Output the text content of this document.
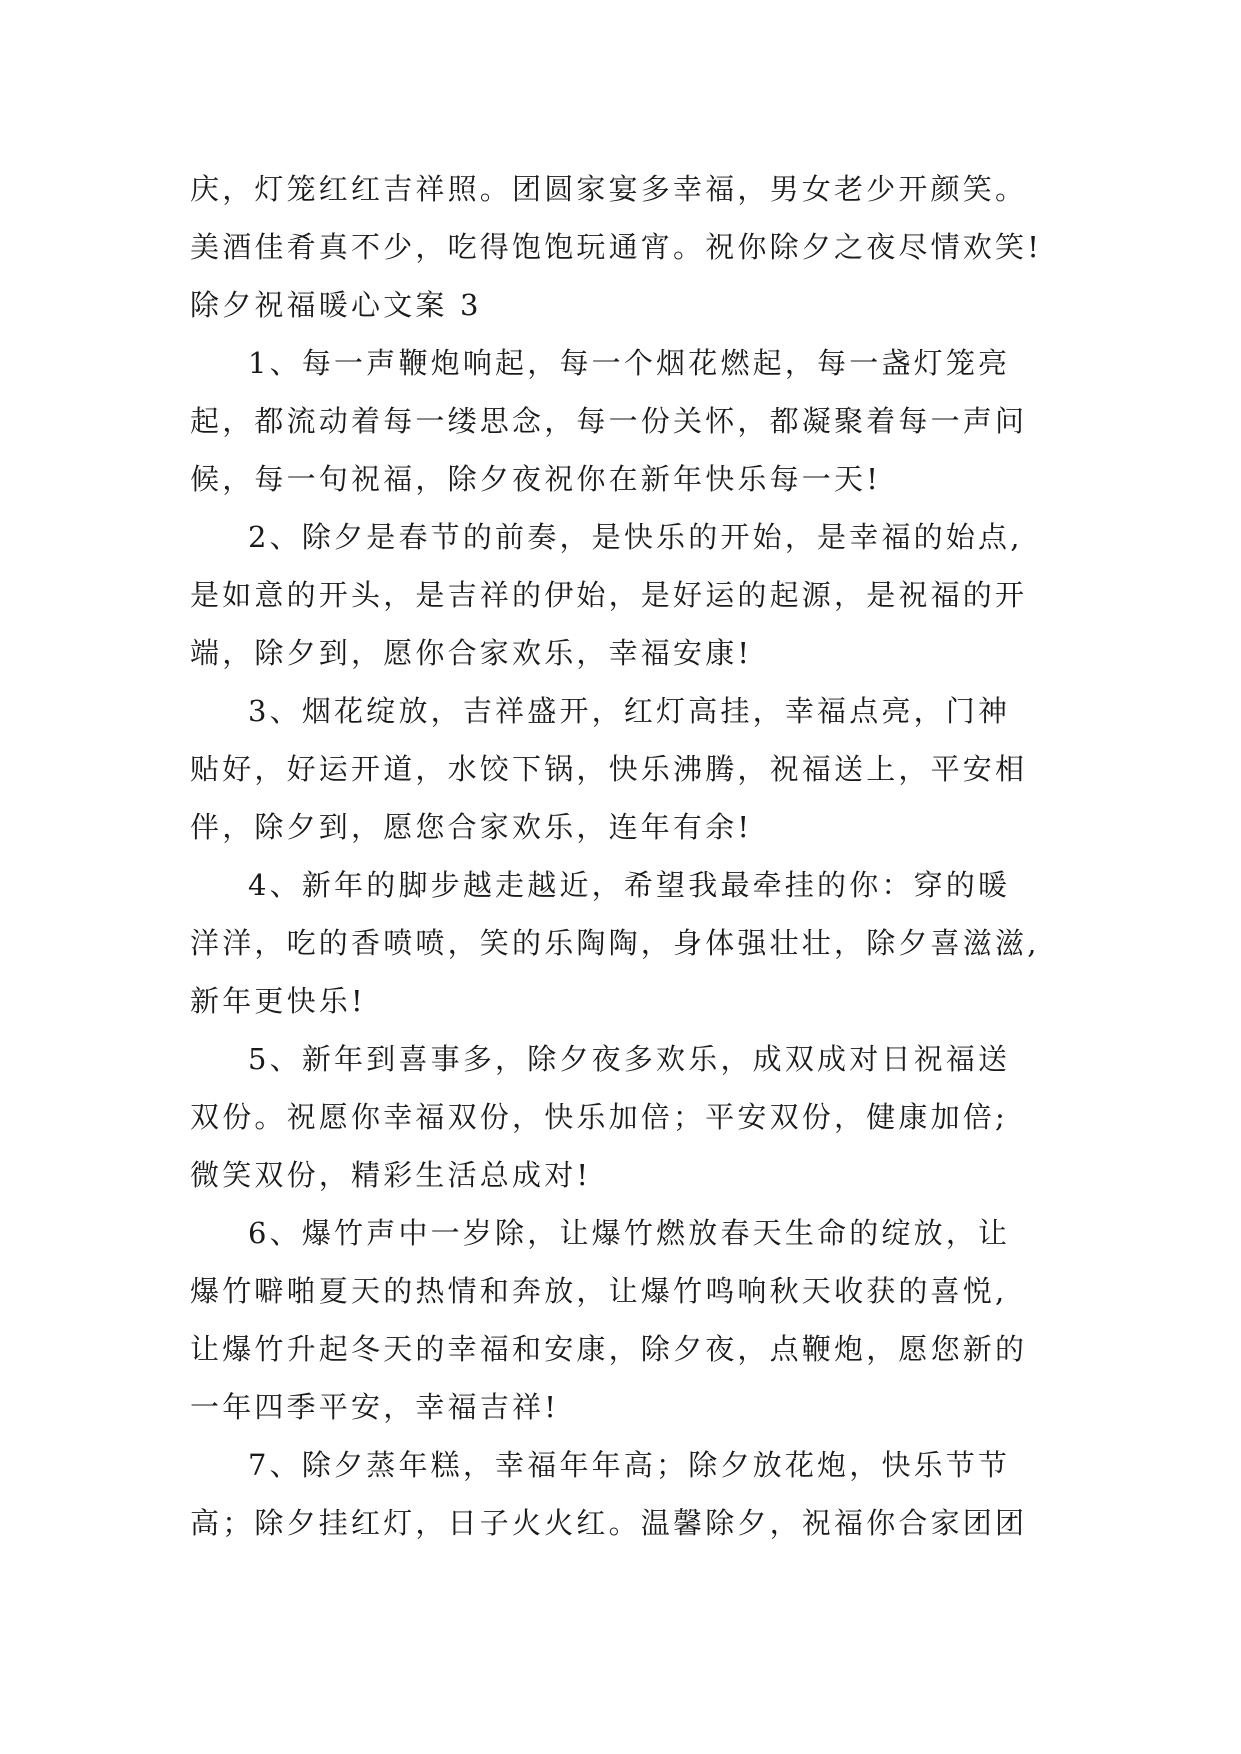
庆，灯笼红红吉祥照。团圆家宴多幸福，男女老少开颜笑。
美酒佳肴真不少，吃得饱饱玩通宵。祝你除夕之夜尽情欢笑!
除夕祝福暖心文案 3
1、每一声鞭炮响起，每一个烟花燃起，每一盏灯笼亮
起，都流动着每一缕思念，每一份关怀，都凝聚着每一声问
候，每一句祝福，除夕夜祝你在新年快乐每一天!
2、除夕是春节的前奏，是快乐的开始，是幸福的始点,
是如意的开头，是吉祥的伊始，是好运的起源，是祝福的开
端，除夕到，愿你合家欢乐，幸福安康!
3、烟花绽放，吉祥盛开，红灯高挂，幸福点亮，门神
贴好，好运开道，水饺下锅，快乐沸腾，祝福送上，平安相
伴，除夕到，愿您合家欢乐，连年有余!
4、新年的脚步越走越近，希望我最牵挂的你：穿的暖
洋洋，吃的香喷喷，笑的乐陶陶，身体强壮壮，除夕喜滋滋,
新年更快乐!
5、新年到喜事多，除夕夜多欢乐，成双成对日祝福送
双份。祝愿你幸福双份，快乐加倍；平安双份，健康加倍;
微笑双份，精彩生活总成对!
6、爆竹声中一岁除，让爆竹燃放春天生命的绽放，让
爆竹噼啪夏天的热情和奔放，让爆竹鸣响秋天收获的喜悦,
让爆竹升起冬天的幸福和安康，除夕夜，点鞭炮，愿您新的
一年四季平安，幸福吉祥!
7、除夕蒸年糕，幸福年年高；除夕放花炮，快乐节节
高；除夕挂红灯，日子火火红。温馨除夕，祝福你合家团团
